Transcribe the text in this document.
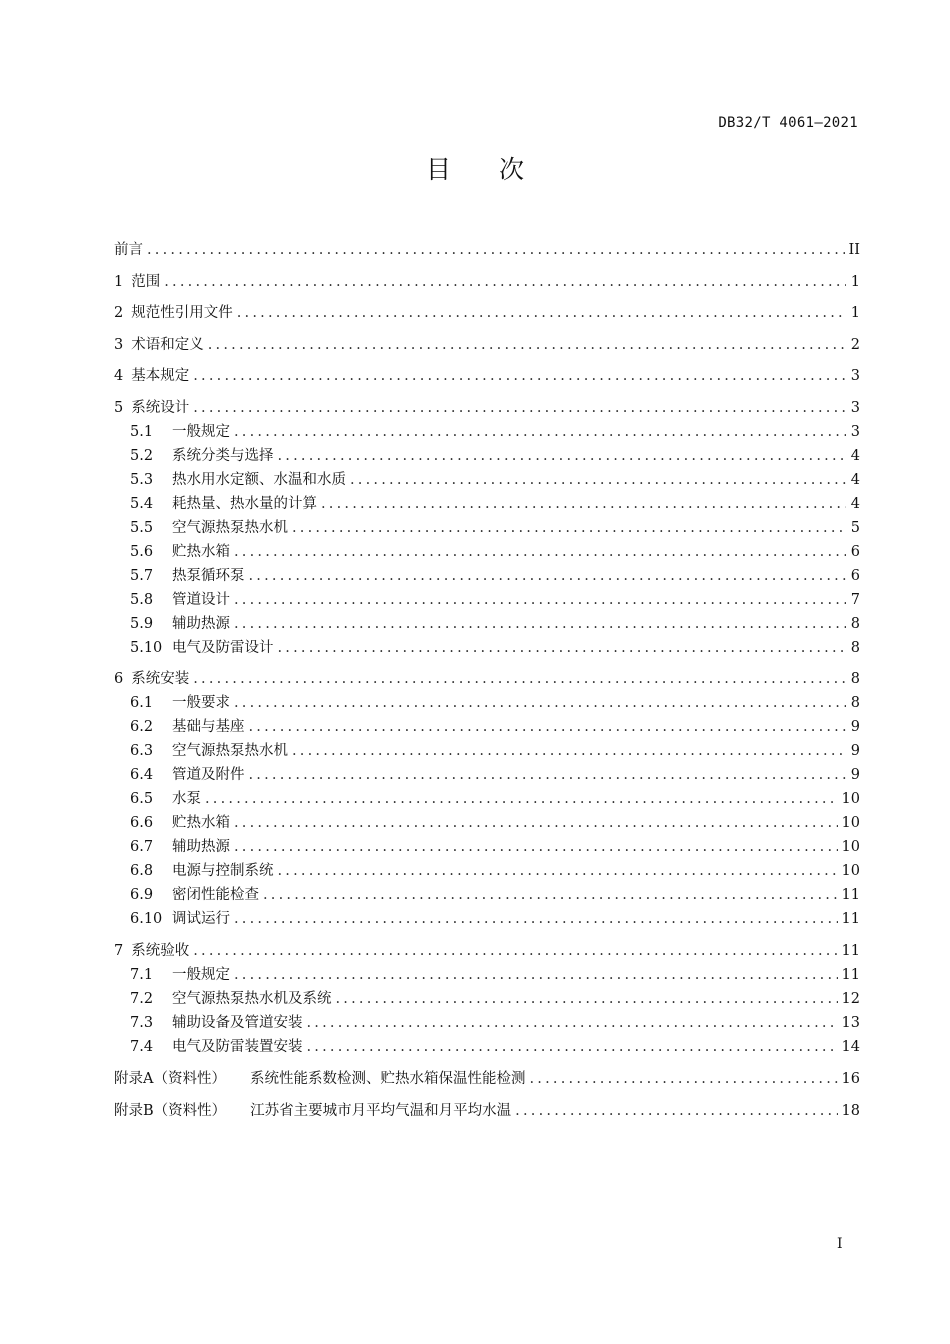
DB32/T 4061—2021
目次
前言 .....	II
1 范围 .....	1
2 规范性引用文件 .....	1
3 术语和定义 .....	2
4 基本规定 .....	3
5 系统设计 .....	3
5.1	一般规定 .....	3
5.2	系统分类与选择 .....	4
5.3	热水用水定额、水温和水质 .....	4
5.4	耗热量、热水量的计算 .....	4
5.5	空气源热泵热水机 .....	5
5.6	贮热水箱 .....	6
5.7	热泵循环泵 .....	6
5.8	管道设计 .....	7
5.9	辅助热源 .....	8
5.10 电气及防雷设计 .....	8
6 系统安装 .....	8
6.1	一般要求 .....	8
6.2	基础与基座 .....	9
6.3	空气源热泵热水机 .....	9
6.4	管道及附件 .....	9
6.5	水泵 .....	10
6.6	贮热水箱 .....	10
6.7	辅助热源 .....	10
6.8	电源与控制系统 .....	10
6.9	密闭性能检查 .....	11
6.10 调试运行 .....	11
7 系统验收 .....	11
7.1	一般规定 .....	11
7.2	空气源热泵热水机及系统 .....	12
7.3	辅助设备及管道安装 .....	13
7.4	电气及防雷装置安装 .....	14
附录A（资料性） 系统性能系数检测、贮热水箱保温性能检测 .....	16
附录B（资料性） 江苏省主要城市月平均气温和月平均水温 .....	18
I
